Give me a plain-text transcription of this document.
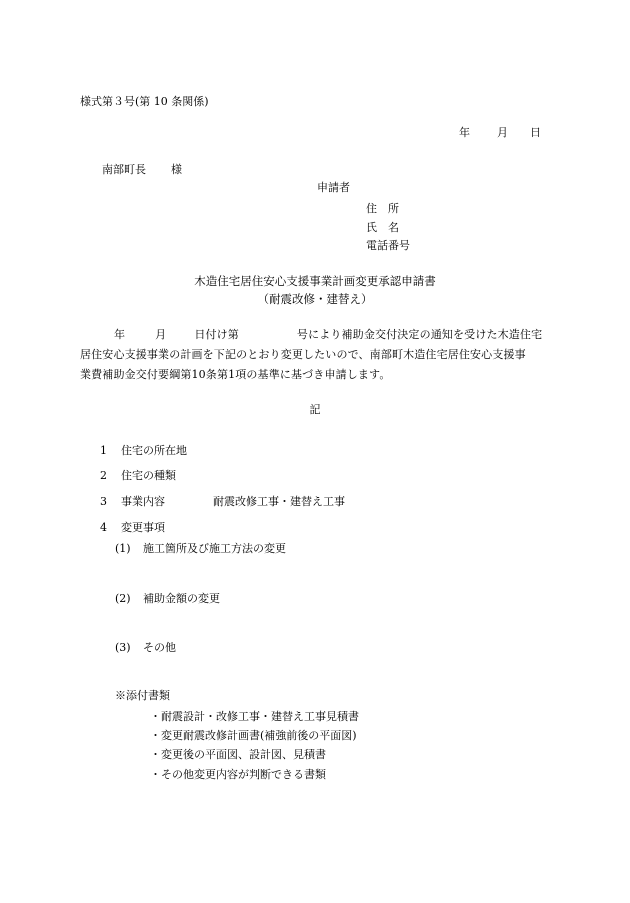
様式第３号(第 10 条関係)
年 月 日
南部町長 様
申請者
住　所
氏　名
電話番号
木造住宅居住安心支援事業計画変更承認申請書
（耐震改修・建替え）
年	月	日付け第	号により補助金交付決定の通知を受けた木造住宅
居住安心支援事業の計画を下記のとおり変更したいので、南部町木造住宅居住安心支援事
業費補助金交付要綱第10条第1項の基準に基づき申請します。
記
1 住宅の所在地
2 住宅の種類
3 事業内容	耐震改修工事・建替え工事
4 変更事項
(1) 施工箇所及び施工方法の変更
(2) 補助金額の変更
(3) その他
※添付書類
・耐震設計・改修工事・建替え工事見積書
・変更耐震改修計画書(補強前後の平面図)
・変更後の平面図、設計図、見積書
・その他変更内容が判断できる書類
